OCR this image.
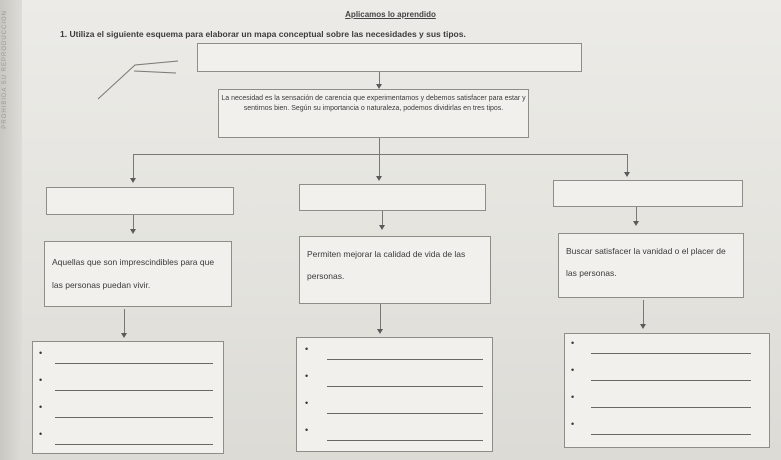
PROHIBIDA SU REPRODUCCIÓN	Aplicamos lo aprendido
1. Utiliza el siguiente esquema para elaborar un mapa conceptual sobre las necesidades y sus tipos.
La necesidad es la sensación de carencia que experimentamos y debemos satisfacer para estar y sentirnos bien. Según su importancia o naturaleza, podemos dividirlas en tres tipos.
Aquellas que son imprescindibles para que las personas puedan vivir.
Permiten mejorar la calidad de vida de las personas.
Buscar satisfacer la vanidad o el placer de las personas.
•
•
•
•
•
•
•
•
•
•
•
•
